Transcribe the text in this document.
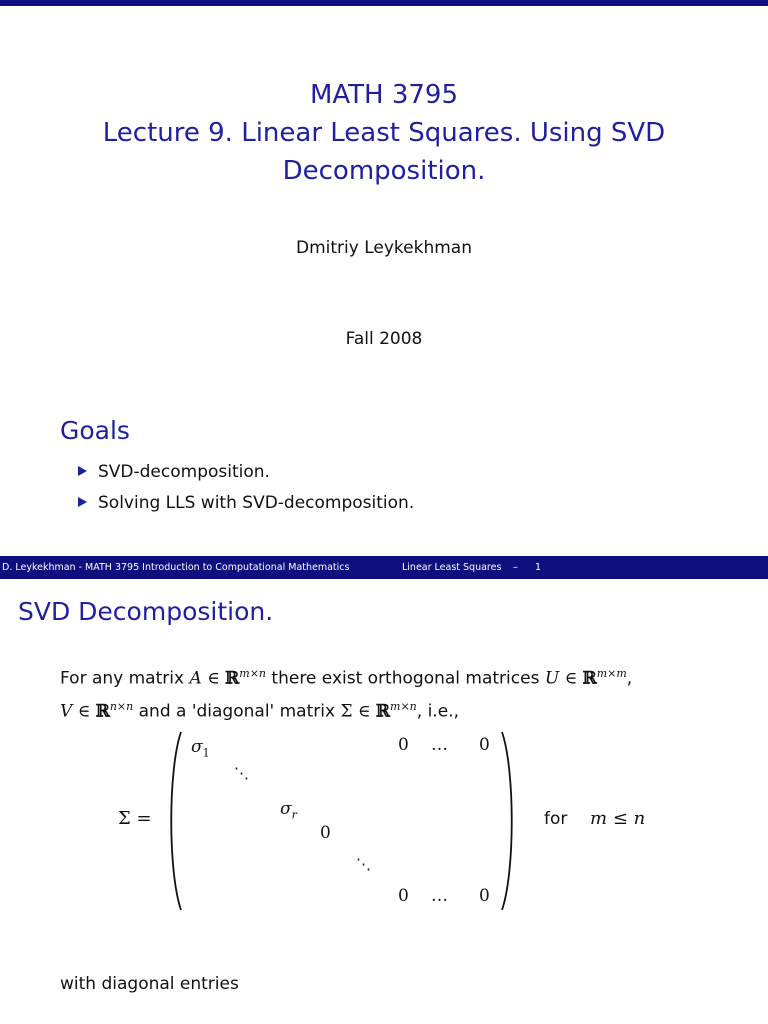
MATH 3795
Lecture 9. Linear Least Squares. Using SVD
Decomposition.
Dmitriy Leykekhman
Fall 2008
Goals
SVD-decomposition.
Solving LLS with SVD-decomposition.
D. Leykekhman - MATH 3795 Introduction to Computational Mathematics	Linear Least Squares – 1
SVD Decomposition.
For any matrix A ∈ ℝ$^{m\times n}$ there exist orthogonal matrices U ∈ ℝ$^{m\times m}$,
V ∈ ℝ$^{n\times n}$ and a 'diagonal' matrix Σ ∈ ℝ$^{m\times n}$, i.e.,
Σ =
$\sigma_1$	0 … 0
⋱
$\sigma_r$
0
⋱
0 … 0
for m ≤ n
with diagonal entries
